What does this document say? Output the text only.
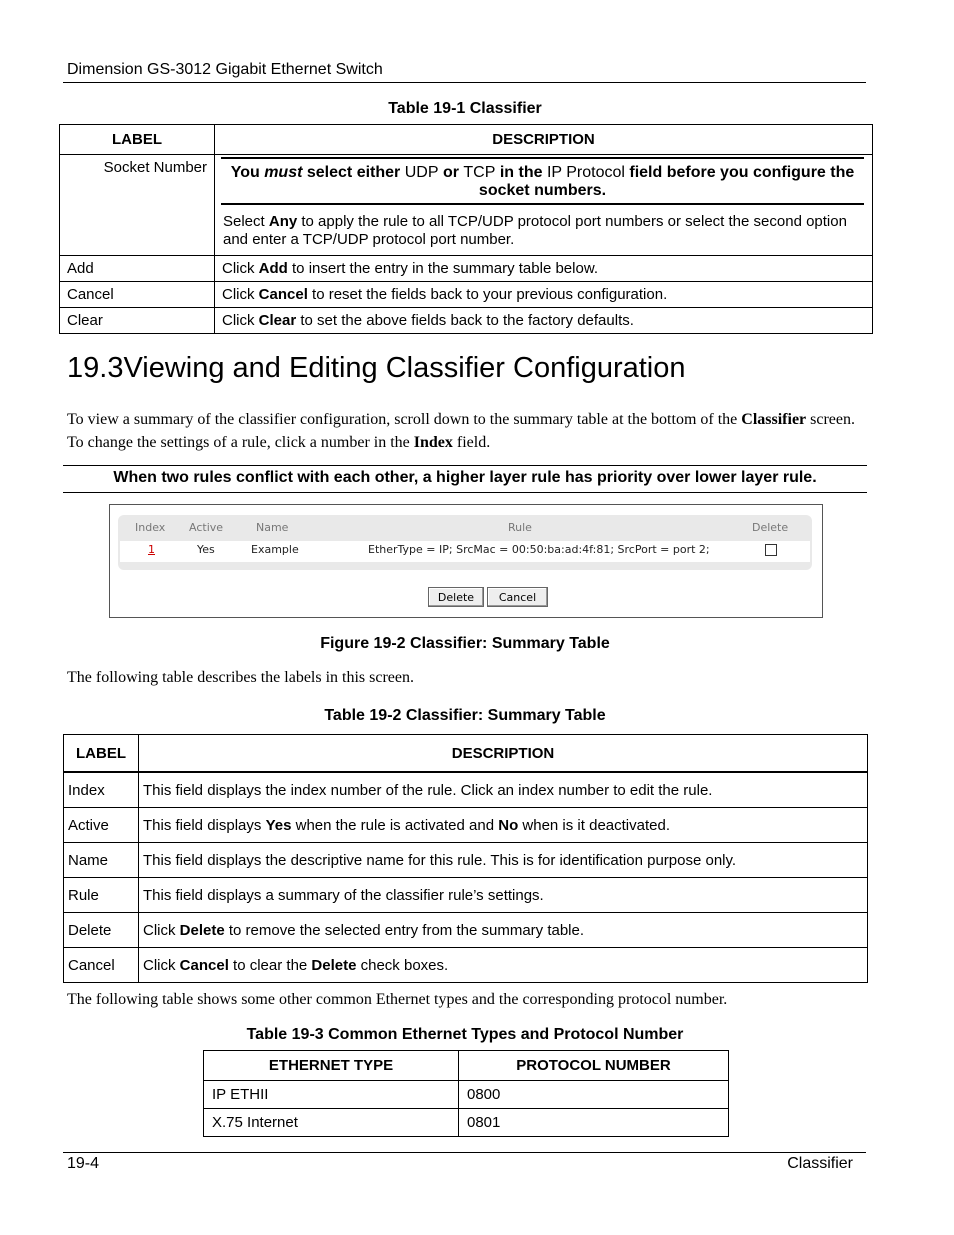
Dimension GS-3012 Gigabit Ethernet Switch
Table 19-1 Classifier
LABEL	DESCRIPTION
Socket Number	You must select either UDP or TCP in the IP Protocol field before you configure the socket numbers.
Select Any to apply the rule to all TCP/UDP protocol port numbers or select the second option and enter a TCP/UDP protocol port number.

Add	Click Add to insert the entry in the summary table below.
Cancel	Click Cancel to reset the fields back to your previous configuration.
Clear	Click Clear to set the above fields back to the factory defaults.
19.3Viewing and Editing Classifier Configuration
To view a summary of the classifier configuration, scroll down to the summary table at the bottom of the Classifier screen. To change the settings of a rule, click a number in the Index field.
When two rules conflict with each other, a higher layer rule has priority over lower layer rule.
Index Active	Name	Rule	Delete
1	Yes	Example	EtherType = IP; SrcMac = 00:50:ba:ad:4f:81; SrcPort = port 2;
Delete	Cancel
Figure 19-2 Classifier: Summary Table
The following table describes the labels in this screen.
Table 19-2 Classifier: Summary Table
LABEL	DESCRIPTION
Index	This field displays the index number of the rule. Click an index number to edit the rule.
Active	This field displays Yes when the rule is activated and No when is it deactivated.
Name	This field displays the descriptive name for this rule. This is for identification purpose only.
Rule	This field displays a summary of the classifier rule’s settings.
Delete	Click Delete to remove the selected entry from the summary table.
Cancel	Click Cancel to clear the Delete check boxes.
The following table shows some other common Ethernet types and the corresponding protocol number.
Table 19-3 Common Ethernet Types and Protocol Number
ETHERNET TYPE	PROTOCOL NUMBER
IP ETHII	0800
X.75 Internet	0801
19-4	Classifier
